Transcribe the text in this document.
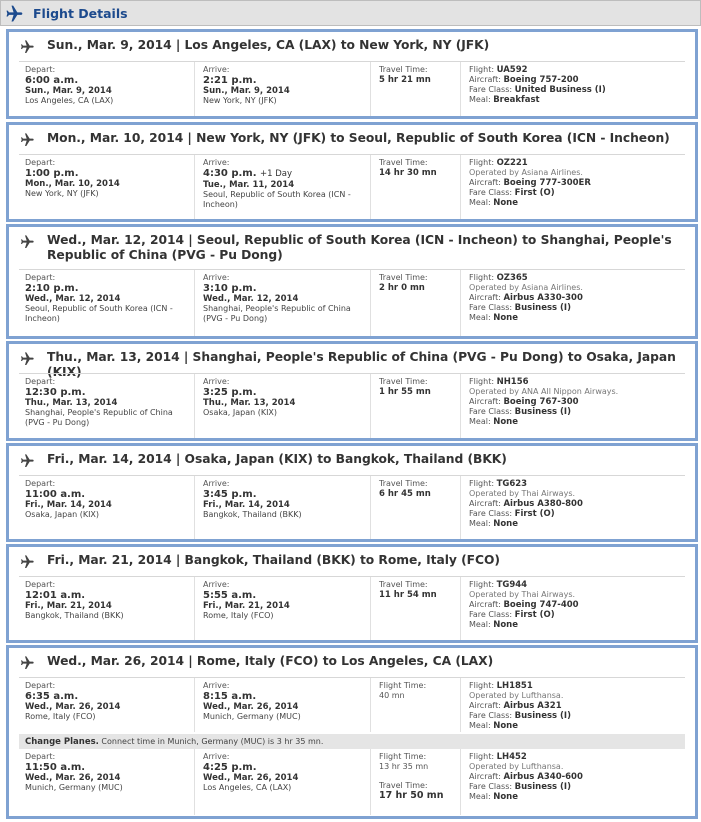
Flight Details
Sun., Mar. 9, 2014 | Los Angeles, CA (LAX) to New York, NY (JFK)
Depart:
6:00 a.m.
Sun., Mar. 9, 2014
Los Angeles, CA (LAX)
Arrive:
2:21 p.m.
Sun., Mar. 9, 2014
New York, NY (JFK)
Travel Time:
5 hr 21 mn
Flight: UA592
Aircraft: Boeing 757-200
Fare Class: United Business (I)
Meal: Breakfast
Mon., Mar. 10, 2014 | New York, NY (JFK) to Seoul, Republic of South Korea (ICN - Incheon)
Depart:
1:00 p.m.
Mon., Mar. 10, 2014
New York, NY (JFK)
Arrive:
4:30 p.m. +1 Day
Tue., Mar. 11, 2014
Seoul, Republic of South Korea (ICN - Incheon)
Travel Time:
14 hr 30 mn
Flight: OZ221
Operated by Asiana Airlines.
Aircraft: Boeing 777-300ER
Fare Class: First (O)
Meal: None
Wed., Mar. 12, 2014 | Seoul, Republic of South Korea (ICN - Incheon) to Shanghai, People's Republic of China (PVG - Pu Dong)
Depart:
2:10 p.m.
Wed., Mar. 12, 2014
Seoul, Republic of South Korea (ICN - Incheon)
Arrive:
3:10 p.m.
Wed., Mar. 12, 2014
Shanghai, People's Republic of China (PVG - Pu Dong)
Travel Time:
2 hr 0 mn
Flight: OZ365
Operated by Asiana Airlines.
Aircraft: Airbus A330-300
Fare Class: Business (I)
Meal: None
Thu., Mar. 13, 2014 | Shanghai, People's Republic of China (PVG - Pu Dong) to Osaka, Japan (KIX)
Depart:
12:30 p.m.
Thu., Mar. 13, 2014
Shanghai, People's Republic of China (PVG - Pu Dong)
Arrive:
3:25 p.m.
Thu., Mar. 13, 2014
Osaka, Japan (KIX)
Travel Time:
1 hr 55 mn
Flight: NH156
Operated by ANA All Nippon Airways.
Aircraft: Boeing 767-300
Fare Class: Business (I)
Meal: None
Fri., Mar. 14, 2014 | Osaka, Japan (KIX) to Bangkok, Thailand (BKK)
Depart:
11:00 a.m.
Fri., Mar. 14, 2014
Osaka, Japan (KIX)
Arrive:
3:45 p.m.
Fri., Mar. 14, 2014
Bangkok, Thailand (BKK)
Travel Time:
6 hr 45 mn
Flight: TG623
Operated by Thai Airways.
Aircraft: Airbus A380-800
Fare Class: First (O)
Meal: None
Fri., Mar. 21, 2014 | Bangkok, Thailand (BKK) to Rome, Italy (FCO)
Depart:
12:01 a.m.
Fri., Mar. 21, 2014
Bangkok, Thailand (BKK)
Arrive:
5:55 a.m.
Fri., Mar. 21, 2014
Rome, Italy (FCO)
Travel Time:
11 hr 54 mn
Flight: TG944
Operated by Thai Airways.
Aircraft: Boeing 747-400
Fare Class: First (O)
Meal: None
Wed., Mar. 26, 2014 | Rome, Italy (FCO) to Los Angeles, CA (LAX)
Depart:
6:35 a.m.
Wed., Mar. 26, 2014
Rome, Italy (FCO)
Arrive:
8:15 a.m.
Wed., Mar. 26, 2014
Munich, Germany (MUC)
Flight Time:
40 mn
Flight: LH1851
Operated by Lufthansa.
Aircraft: Airbus A321
Fare Class: Business (I)
Meal: None
Change Planes. Connect time in Munich, Germany (MUC) is 3 hr 35 mn.
Depart:
11:50 a.m.
Wed., Mar. 26, 2014
Munich, Germany (MUC)
Arrive:
4:25 p.m.
Wed., Mar. 26, 2014
Los Angeles, CA (LAX)
Flight Time:
13 hr 35 mn
Travel Time:
17 hr 50 mn
Flight: LH452
Operated by Lufthansa.
Aircraft: Airbus A340-600
Fare Class: Business (I)
Meal: None
